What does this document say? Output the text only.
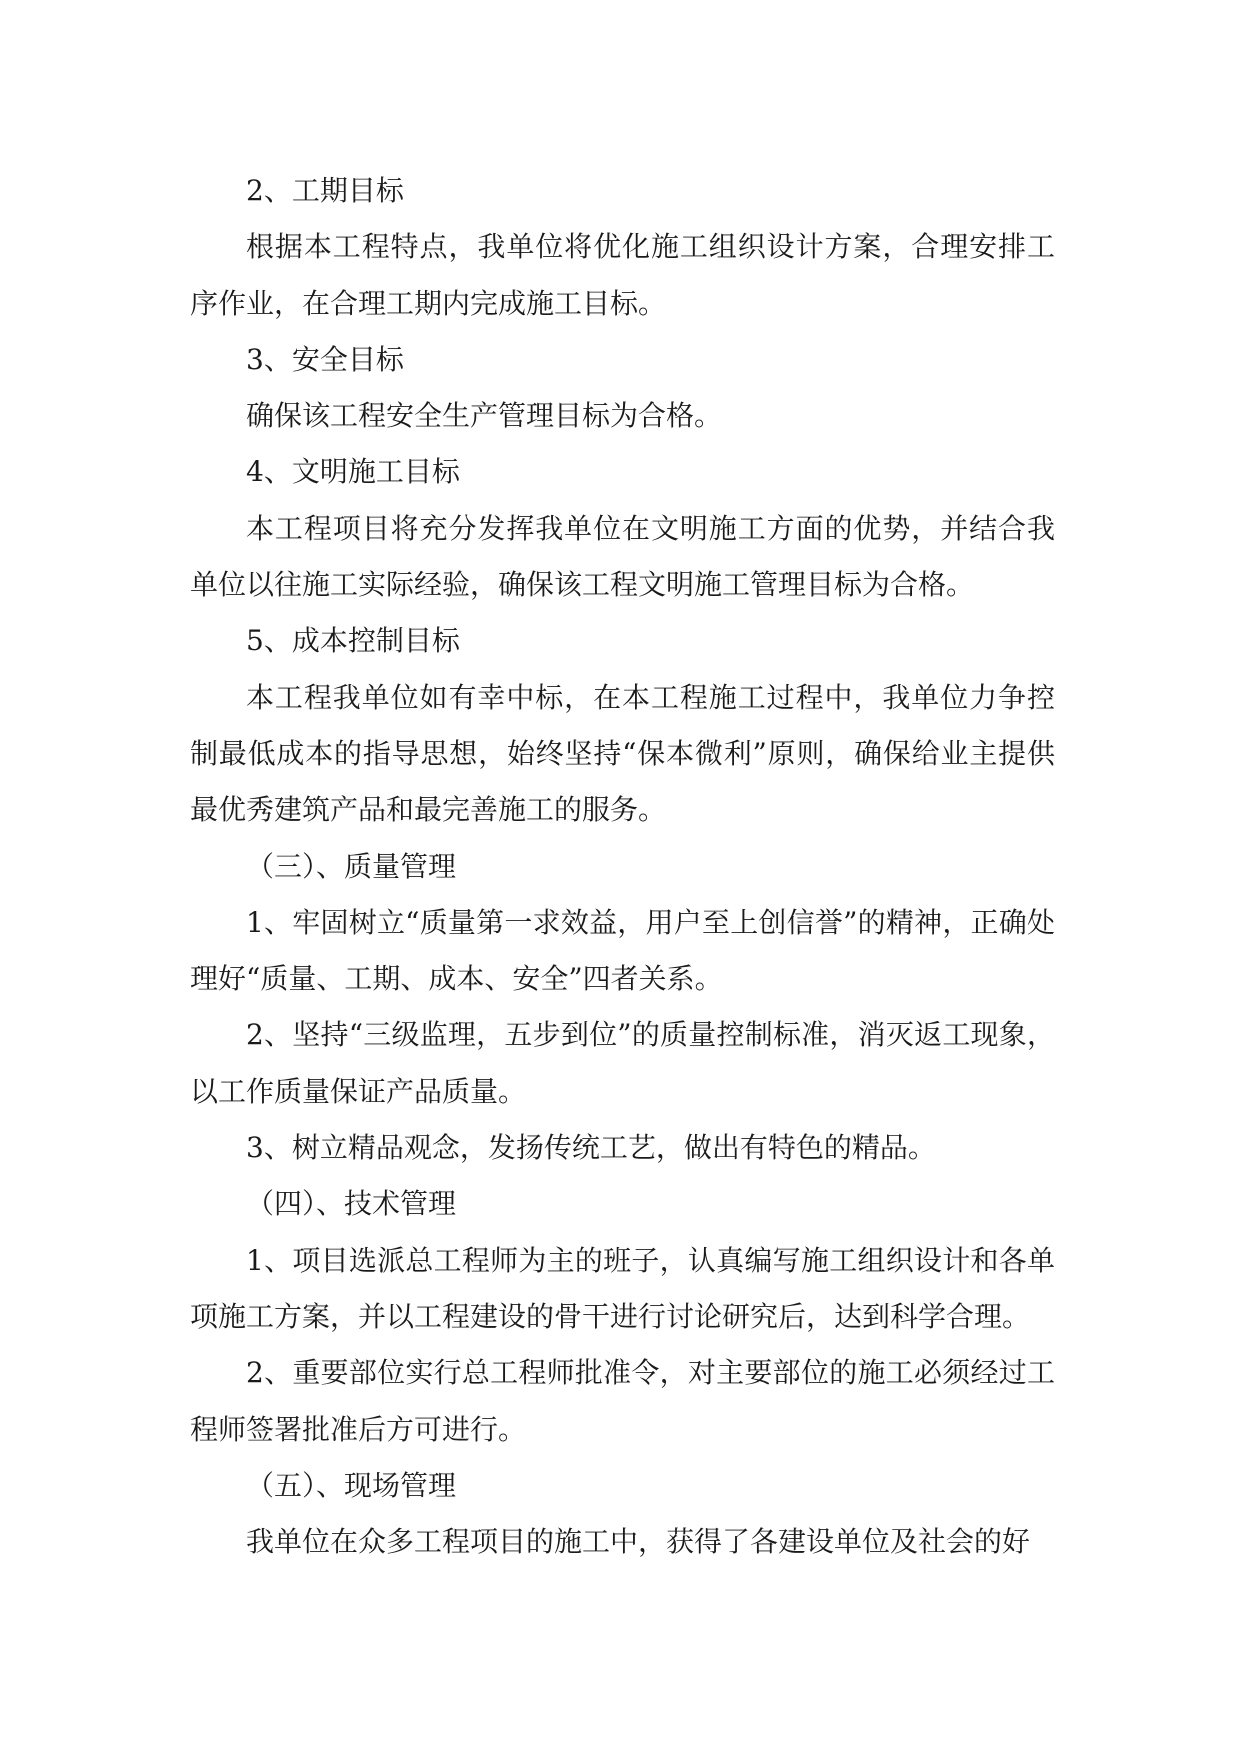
2、工期目标

根据本工程特点，我单位将优化施工组织设计方案，合理安排工序作业，在合理工期内完成施工目标。

3、安全目标

确保该工程安全生产管理目标为合格。

4、文明施工目标

本工程项目将充分发挥我单位在文明施工方面的优势，并结合我单位以往施工实际经验，确保该工程文明施工管理目标为合格。

5、成本控制目标

本工程我单位如有幸中标，在本工程施工过程中，我单位力争控制最低成本的指导思想，始终坚持“保本微利”原则，确保给业主提供最优秀建筑产品和最完善施工的服务。

（三）、质量管理

1、牢固树立“质量第一求效益，用户至上创信誉”的精神，正确处理好“质量、工期、成本、安全”四者关系。

2、坚持“三级监理，五步到位”的质量控制标准，消灭返工现象，以工作质量保证产品质量。

3、树立精品观念，发扬传统工艺，做出有特色的精品。

（四）、技术管理

1、项目选派总工程师为主的班子，认真编写施工组织设计和各单项施工方案，并以工程建设的骨干进行讨论研究后，达到科学合理。

2、重要部位实行总工程师批准令，对主要部位的施工必须经过工程师签署批准后方可进行。

（五）、现场管理

我单位在众多工程项目的施工中，获得了各建设单位及社会的好
